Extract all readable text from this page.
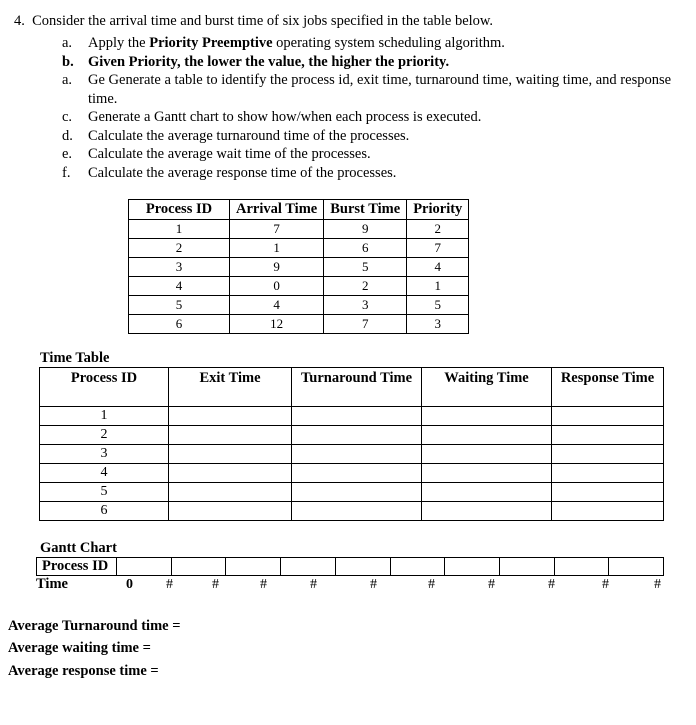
4. Consider the arrival time and burst time of six jobs specified in the table below.
a. Apply the Priority Preemptive operating system scheduling algorithm.
b. Given Priority, the lower the value, the higher the priority.
a. Ge Generate a table to identify the process id, exit time, turnaround time, waiting time, and response time.
c. Generate a Gantt chart to show how/when each process is executed.
d. Calculate the average turnaround time of the processes.
e. Calculate the average wait time of the processes.
f. Calculate the average response time of the processes.
Process ID	Arrival Time	Burst Time	Priority
1	7	9	2
2	1	6	7
3	9	5	4
4	0	2	1
5	4	3	5
6	12	7	3
Time Table
Process ID	Exit Time	Turnaround Time	Waiting Time	Response Time
1				
2				
3				
4				
5				
6				
Gantt Chart
Process ID
Time	0 #	#	#	#	#	#	#	#	#	#
Average Turnaround time =
Average waiting time =
Average response time =
